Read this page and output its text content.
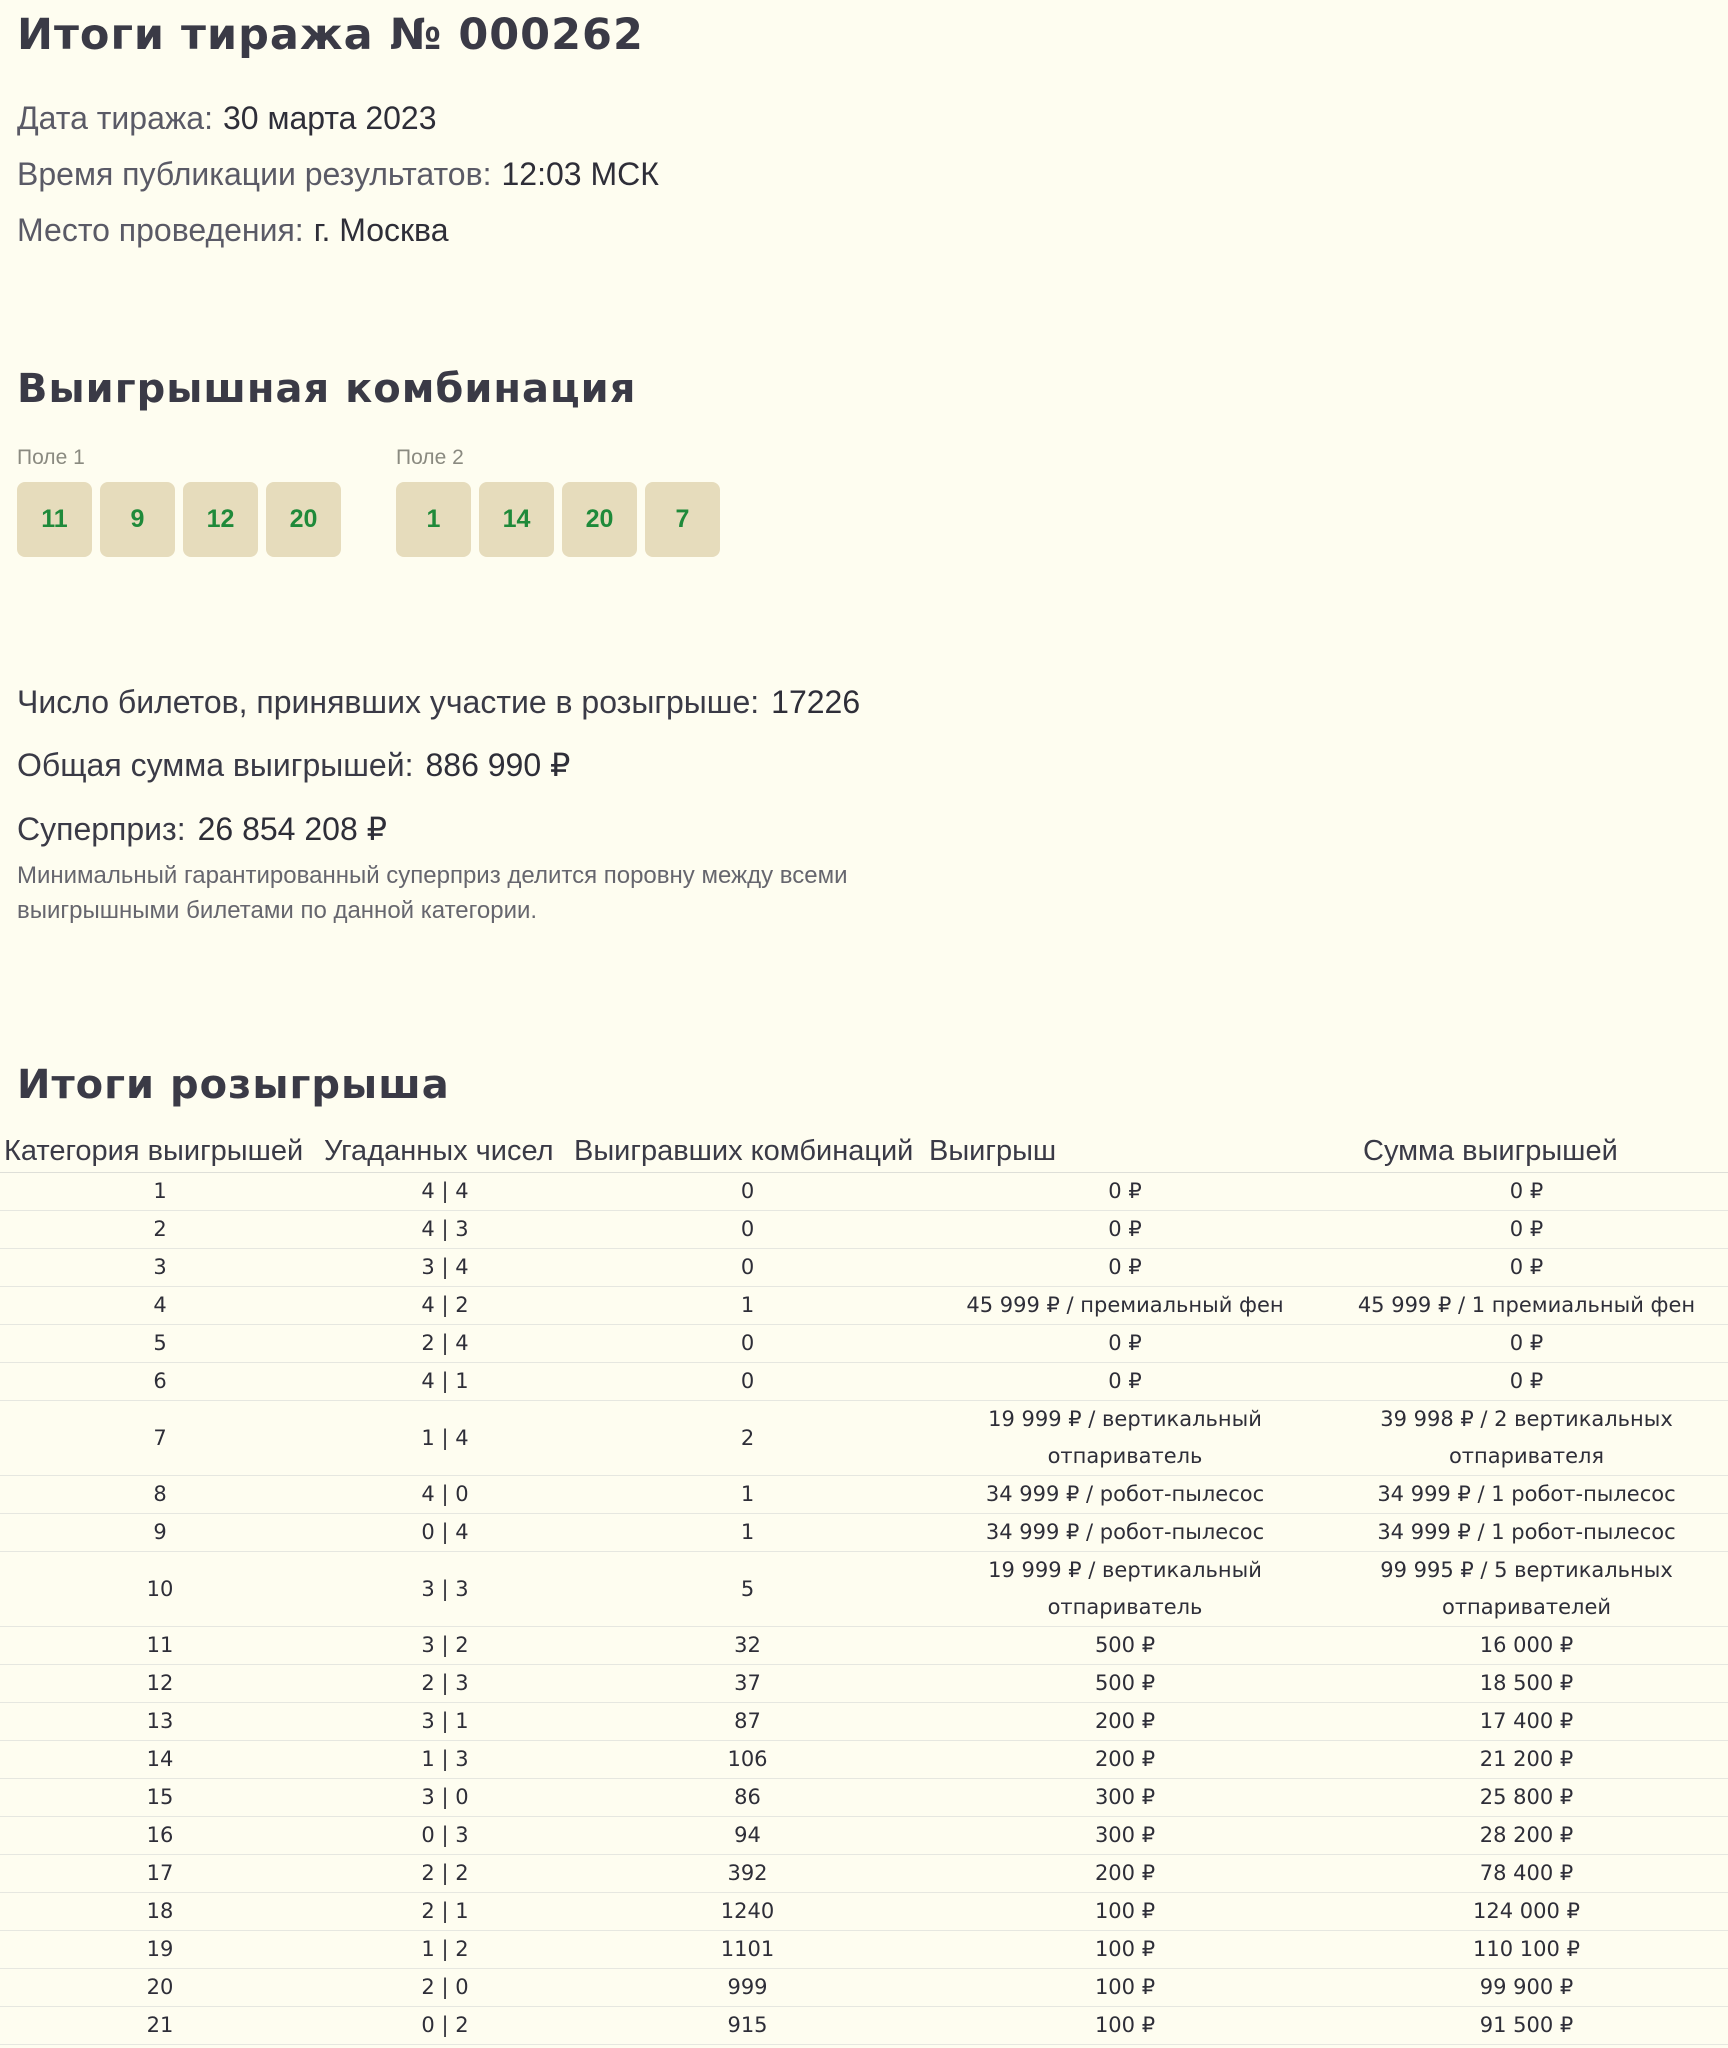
Итоги тиража № 000262

Дата тиража: 30 марта 2023

Время публикации результатов: 12:03 МСК

Место проведения: г. Москва

Выигрышная комбинация
Поле 1
11	9	12	20
Поле 2
1	14	20	7

Число билетов, принявших участие в розыгрыше: 17226

Общая сумма выигрышей: 886 990 ₽

Суперприз: 26 854 208 ₽

Минимальный гарантированный суперприз делится поровну между всеми выигрышными билетами по данной категории.

Итоги розыгрыша
Категория выигрышей	Угаданных чисел	Выигравших комбинаций	Выигрыш	Сумма выигрышей
1	4 | 4	0	0 ₽	0 ₽
2	4 | 3	0	0 ₽	0 ₽
3	3 | 4	0	0 ₽	0 ₽
4	4 | 2	1	45 999 ₽ / премиальный фен	45 999 ₽ / 1 премиальный фен
5	2 | 4	0	0 ₽	0 ₽
6	4 | 1	0	0 ₽	0 ₽
7	1 | 4	2	19 999 ₽ / вертикальный отпариватель	39 998 ₽ / 2 вертикальных отпаривателя
8	4 | 0	1	34 999 ₽ / робот-пылесос	34 999 ₽ / 1 робот-пылесос
9	0 | 4	1	34 999 ₽ / робот-пылесос	34 999 ₽ / 1 робот-пылесос
10	3 | 3	5	19 999 ₽ / вертикальный отпариватель	99 995 ₽ / 5 вертикальных отпаривателей
11	3 | 2	32	500 ₽	16 000 ₽
12	2 | 3	37	500 ₽	18 500 ₽
13	3 | 1	87	200 ₽	17 400 ₽
14	1 | 3	106	200 ₽	21 200 ₽
15	3 | 0	86	300 ₽	25 800 ₽
16	0 | 3	94	300 ₽	28 200 ₽
17	2 | 2	392	200 ₽	78 400 ₽
18	2 | 1	1240	100 ₽	124 000 ₽
19	1 | 2	1101	100 ₽	110 100 ₽
20	2 | 0	999	100 ₽	99 900 ₽
21	0 | 2	915	100 ₽	91 500 ₽
